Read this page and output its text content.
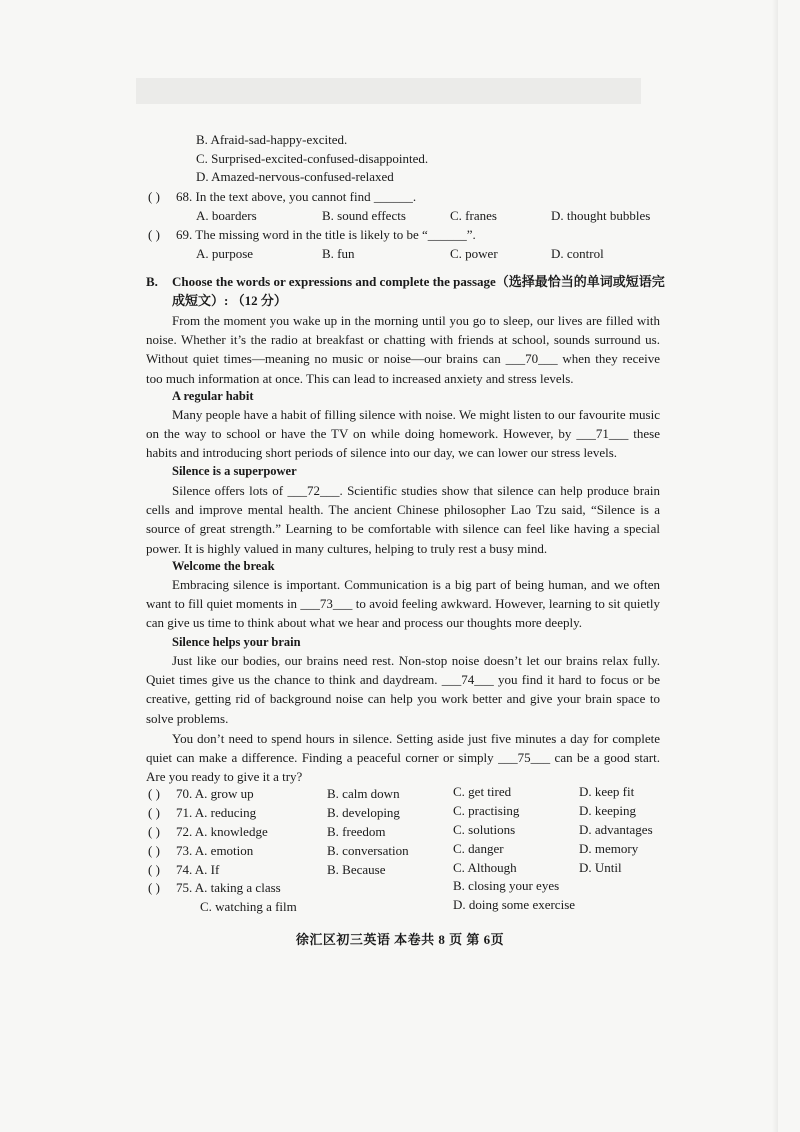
B. Afraid-sad-happy-excited.
C. Surprised-excited-confused-disappointed.
D. Amazed-nervous-confused-relaxed
( ) 68. In the text above, you cannot find ______.
A. boarders	B. sound effects	C. franes	D. thought bubbles
( ) 69. The missing word in the title is likely to be “______”.
A. purpose	B. fun	C. power	D. control
B. Choose the words or expressions and complete the passage（选择最恰当的单词或短语完
成短文）: （12 分）
From the moment you wake up in the morning until you go to sleep, our lives are filled with noise. Whether it’s the radio at breakfast or chatting with friends at school, sounds surround us. Without quiet times—meaning no music or noise—our brains can ___70___ when they receive too much information at once. This can lead to increased anxiety and stress levels.
A regular habit
Many people have a habit of filling silence with noise. We might listen to our favourite music on the way to school or have the TV on while doing homework. However, by ___71___ these habits and introducing short periods of silence into our day, we can lower our stress levels.
Silence is a superpower
Silence offers lots of ___72___. Scientific studies show that silence can help produce brain cells and improve mental health. The ancient Chinese philosopher Lao Tzu said, “Silence is a source of great strength.” Learning to be comfortable with silence can feel like having a special power. It is highly valued in many cultures, helping to truly rest a busy mind.
Welcome the break
Embracing silence is important. Communication is a big part of being human, and we often want to fill quiet moments in ___73___ to avoid feeling awkward. However, learning to sit quietly can give us time to think about what we hear and process our thoughts more deeply.
Silence helps your brain
Just like our bodies, our brains need rest. Non-stop noise doesn’t let our brains relax fully. Quiet times give us the chance to think and daydream. ___74___ you find it hard to focus or be creative, getting rid of background noise can help you work better and give your brain space to solve problems.
You don’t need to spend hours in silence. Setting aside just five minutes a day for complete quiet can make a difference. Finding a peaceful corner or simply ___75___ can be a good start. Are you ready to give it a try?
( ) 70. A. grow up	B. calm down	C. get tired	D. keep fit
( ) 71. A. reducing	B. developing	C. practising	D. keeping
( ) 72. A. knowledge	B. freedom	C. solutions	D. advantages
( ) 73. A. emotion	B. conversation	C. danger	D. memory
( ) 74. A. If	B. Because	C. Although	D. Until
( ) 75. A. taking a class	B. closing your eyes
C. watching a film	D. doing some exercise
徐汇区初三英语 本卷共 8 页 第 6页
